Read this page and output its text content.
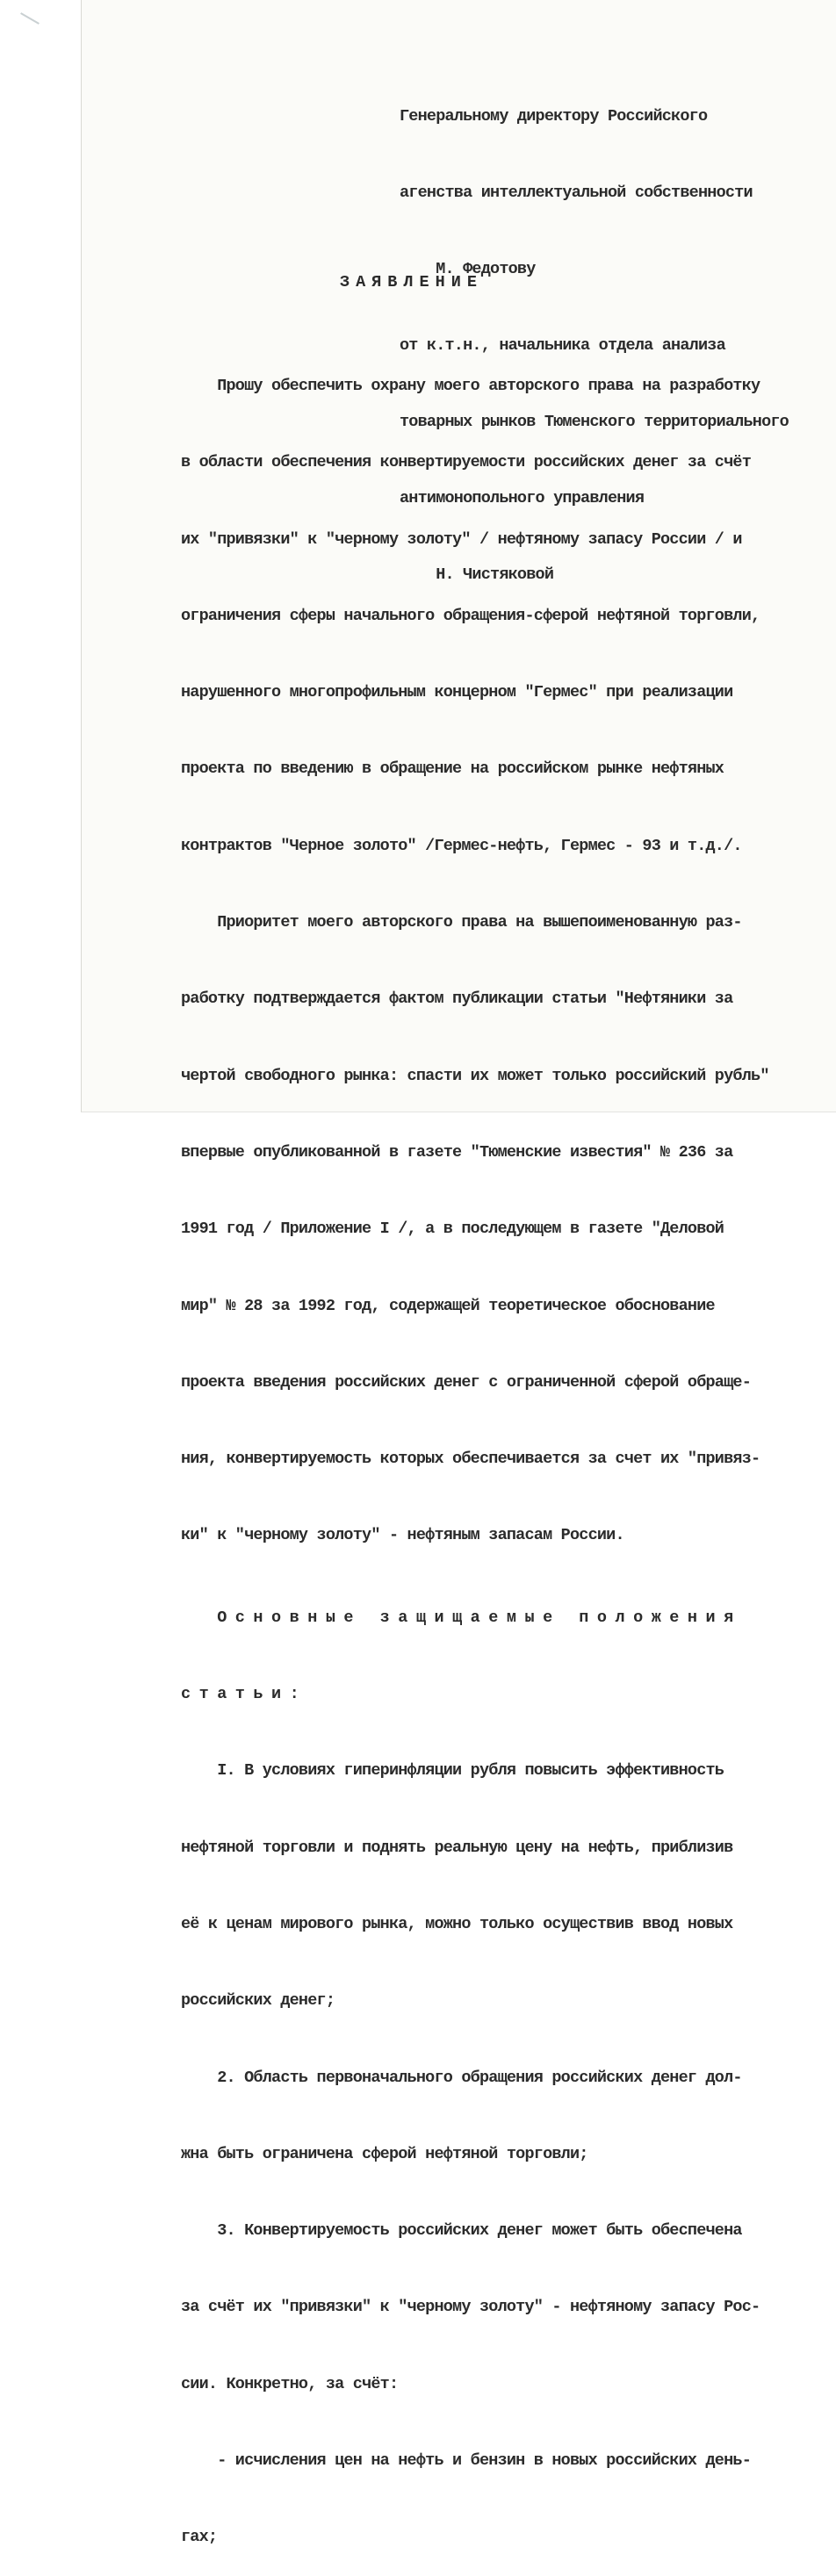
Генеральному директору Российского

агенства интеллектуальной собственности

М. Федотову

от к.т.н., начальника отдела анализа

товарных рынков Тюменского территориального

антимонопольного управления

Н. Чистяковой

ЗАЯВЛЕНИЕ

Прошу обеспечить охрану моего авторского права на разработку

в области обеспечения конвертируемости российских денег за счёт

их "привязки" к "черному золоту" / нефтяному запасу России / и

ограничения сферы начального обращения-сферой нефтяной торговли,

нарушенного многопрофильным концерном "Гермес" при реализации

проекта по введению в обращение на российском рынке нефтяных

контрактов "Черное золото" /Гермес-нефть, Гермес - 93 и т.д./.

Приоритет моего авторского права на вышепоименованную раз-

работку подтверждается фактом публикации статьи "Нефтяники за

чертой свободного рынка: спасти их может только российский рубль"

впервые опубликованной в газете "Тюменские известия" № 236 за

1991 год / Приложение I /, а в последующем в газете "Деловой

мир" № 28 за 1992 год, содержащей теоретическое обоснование

проекта введения российских денег с ограниченной сферой обраще-

ния, конвертируемость которых обеспечивается за счет их "привяз-

ки" к "черному золоту" - нефтяным запасам России.

О с н о в н ы е   з а щ и щ а е м ы е   п о л о ж е н и я

с т а т ь и :

I. В условиях гиперинфляции рубля повысить эффективность

нефтяной торговли и поднять реальную цену на нефть, приблизив

её к ценам мирового рынка, можно только осуществив ввод новых

российских денег;

2. Область первоначального обращения российских денег дол-

жна быть ограничена сферой нефтяной торговли;

3. Конвертируемость российских денег может быть обеспечена

за счёт их "привязки" к "черному золоту" - нефтяному запасу Рос-

сии. Конкретно, за счёт:

- исчисления цен на нефть и бензин в новых российских день-

гах;
